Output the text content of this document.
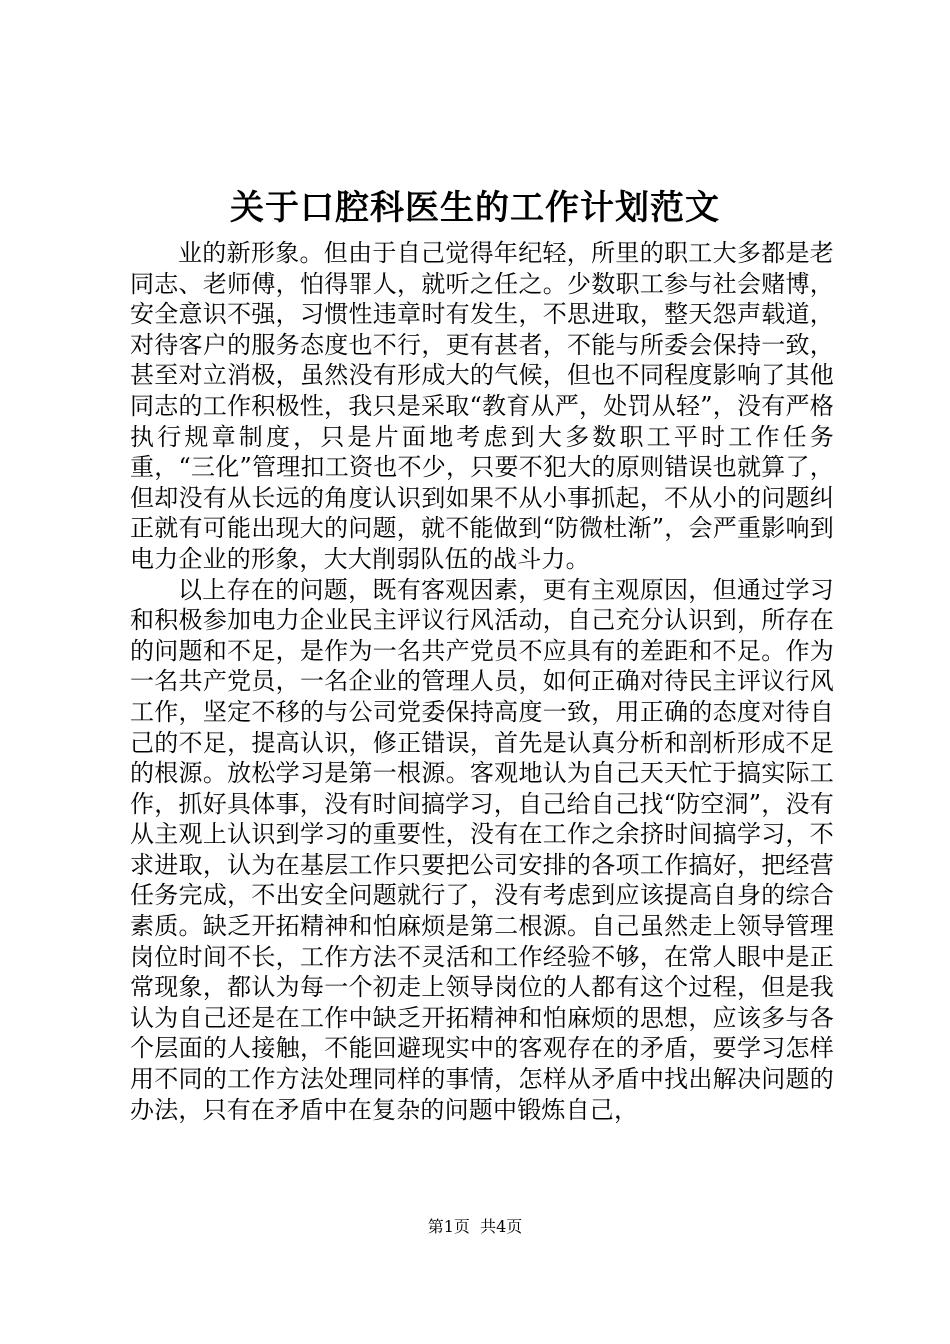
关于口腔科医生的工作计划范文

业的新形象。但由于自己觉得年纪轻，所里的职工大多都是老同志、老师傅，怕得罪人，就听之任之。少数职工参与社会赌博，安全意识不强，习惯性违章时有发生，不思进取，整天怨声载道，对待客户的服务态度也不行，更有甚者，不能与所委会保持一致，甚至对立消极，虽然没有形成大的气候，但也不同程度影响了其他同志的工作积极性，我只是采取“教育从严，处罚从轻”，没有严格执行规章制度，只是片面地考虑到大多数职工平时工作任务重，“三化”管理扣工资也不少，只要不犯大的原则错误也就算了，但却没有从长远的角度认识到如果不从小事抓起，不从小的问题纠正就有可能出现大的问题，就不能做到“防微杜渐”，会严重影响到电力企业的形象，大大削弱队伍的战斗力。

以上存在的问题，既有客观因素，更有主观原因，但通过学习和积极参加电力企业民主评议行风活动，自己充分认识到，所存在的问题和不足，是作为一名共产党员不应具有的差距和不足。作为一名共产党员，一名企业的管理人员，如何正确对待民主评议行风工作，坚定不移的与公司党委保持高度一致，用正确的态度对待自己的不足，提高认识，修正错误，首先是认真分析和剖析形成不足的根源。放松学习是第一根源。客观地认为自己天天忙于搞实际工作，抓好具体事，没有时间搞学习，自己给自己找“防空洞”，没有从主观上认识到学习的重要性，没有在工作之余挤时间搞学习，不求进取，认为在基层工作只要把公司安排的各项工作搞好，把经营任务完成，不出安全问题就行了，没有考虑到应该提高自身的综合素质。缺乏开拓精神和怕麻烦是第二根源。自己虽然走上领导管理岗位时间不长，工作方法不灵活和工作经验不够，在常人眼中是正常现象，都认为每一个初走上领导岗位的人都有这个过程，但是我认为自己还是在工作中缺乏开拓精神和怕麻烦的思想，应该多与各个层面的人接触，不能回避现实中的客观存在的矛盾，要学习怎样用不同的工作方法处理同样的事情，怎样从矛盾中找出解决问题的办法，只有在矛盾中在复杂的问题中锻炼自己，

第1页  共4页
